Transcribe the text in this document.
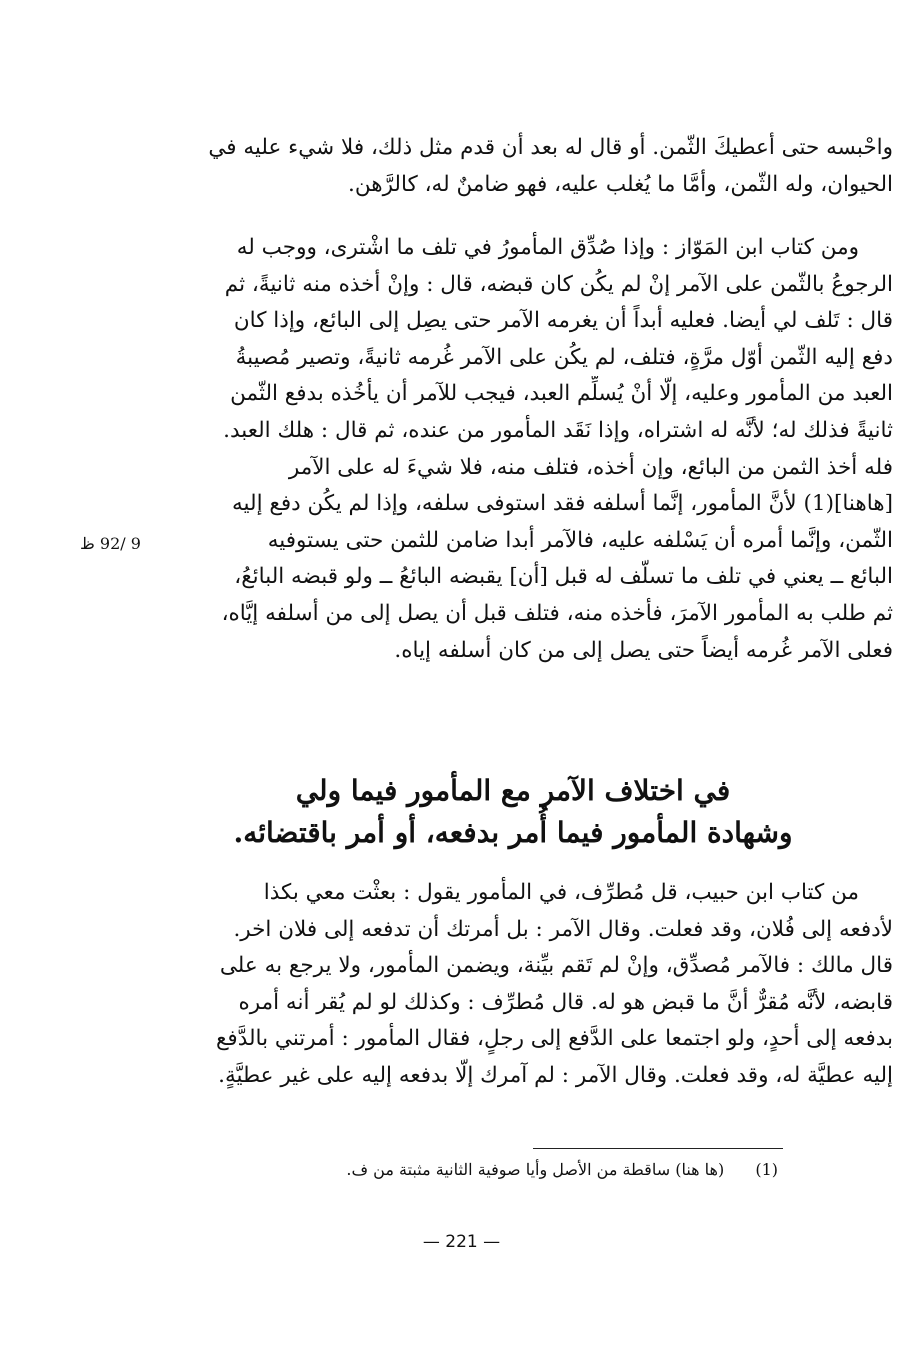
واحْبسه حتى أعطيكَ الثّمن. أو قال له بعد أن قدم مثل ذلك، فلا شيء عليه في
الحيوان، وله الثّمن، وأمَّا ما يُغلب عليه، فهو ضامنٌ له، كالرَّهن.
ومن كتاب ابن المَوّاز : وإذا صُدِّق المأمورُ في تلف ما اشْترى، ووجب له
الرجوعُ بالثّمن على الآمر إنْ لم يكُن كان قبضه، قال : وإنْ أخذه منه ثانيةً، ثم
قال : تَلف لي أيضا. فعليه أبداً أن يغرمه الآمر حتى يصِل إلى البائع، وإذا كان
دفع إليه الثّمن أوّل مرَّةٍ، فتلف، لم يكُن على الآمر غُرمه ثانيةً، وتصير مُصيبةُ
العبد من المأمور وعليه، إلّا أنْ يُسلِّم العبد، فيجب للآمر أن يأخُذه بدفع الثّمن
ثانيةً فذلك له؛ لأنَّه له اشتراه، وإذا نَقَد المأمور من عنده، ثم قال : هلك العبد.
فله أخذ الثمن من البائع، وإن أخذه، فتلف منه، فلا شيءَ له على الآمر
[هاهنا](1) لأنَّ المأمور، إنَّما أسلفه فقد استوفى سلفه، وإذا لم يكُن دفع إليه
الثّمن، وإنَّما أمره أن يَسْلفه عليه، فالآمر أبدا ضامن للثمن حتى يستوفيه
البائع ــ يعني في تلف ما تسلّف له قبل [أن] يقبضه البائعُ ــ ولو قبضه البائعُ،
ثم طلب به المأمور الآمرَ، فأخذه منه، فتلف قبل أن يصل إلى من أسلفه إيَّاه،
فعلى الآمر غُرمه أيضاً حتى يصل إلى من كان أسلفه إياه.
9 /92 ظ
في اختلاف الآمر مع المأمور فيما ولي
وشهادة المأمور فيما أُمر بدفعه، أو أمر باقتضائه.
من كتاب ابن حبيب، قل مُطرِّف، في المأمور يقول : بعثْت معي بكذا
لأدفعه إلى فُلان، وقد فعلت. وقال الآمر : بل أمرتك أن تدفعه إلى فلان اخر.
قال مالك : فالآمر مُصدِّق، وإنْ لم تَقم بيِّنة، ويضمن المأمور، ولا يرجع به على
قابضه، لأنَّه مُقرٌّ أنَّ ما قبض هو له. قال مُطرِّف : وكذلك لو لم يُقر أنه أمره
بدفعه إلى أحدٍ، ولو اجتمعا على الدَّفع إلى رجلٍ، فقال المأمور : أمرتني بالدَّفع
إليه عطيَّة له، وقد فعلت. وقال الآمر : لم آمرك إلّا بدفعه إليه على غير عطيَّةٍ.
(1) (ها هنا) ساقطة من الأصل وأيا صوفية الثانية مثبتة من ف.
— 221 —
